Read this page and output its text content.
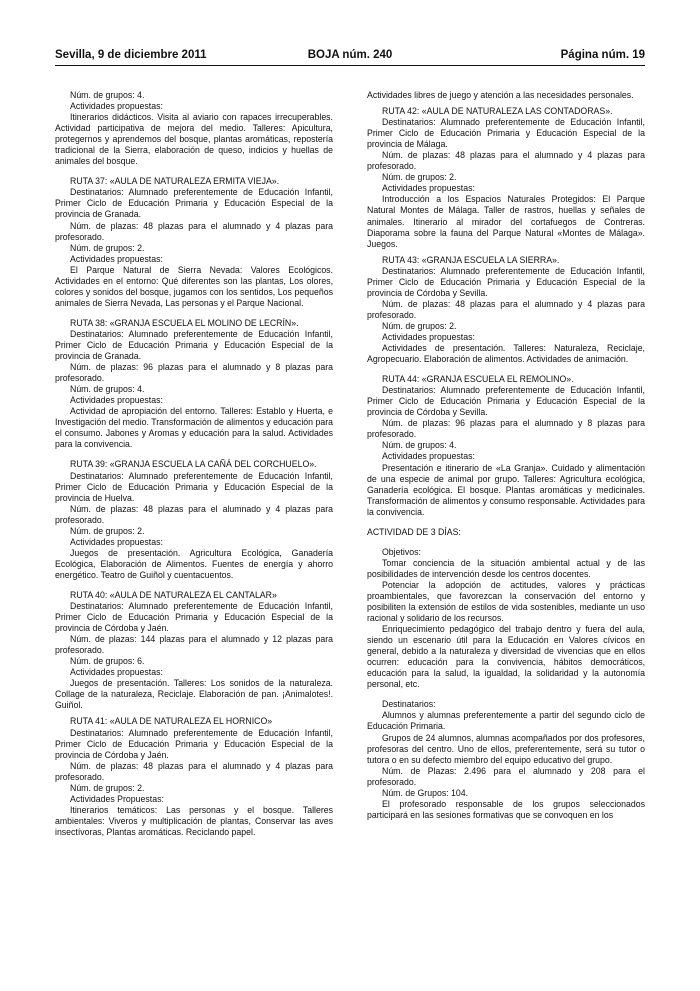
Sevilla, 9 de diciembre 2011	BOJA núm. 240	Página núm. 19

Núm. de grupos: 4.

Actividades propuestas:

Itinerarios didácticos. Visita al aviario con rapaces irrecuperables. Actividad participativa de mejora del medio. Talleres: Apicultura, protegernos y aprendemos del bosque, plantas aromáticas, repostería tradicional de la Sierra, elaboración de queso, indicios y huellas de animales del bosque.

RUTA 37: «AULA DE NATURALEZA ERMITA VIEJA».

Destinatarios: Alumnado preferentemente de Educación Infantil, Primer Ciclo de Educación Primaria y Educación Especial de la provincia de Granada.

Núm. de plazas: 48 plazas para el alumnado y 4 plazas para profesorado.

Núm. de grupos: 2.

Actividades propuestas:

El Parque Natural de Sierra Nevada: Valores Ecológicos. Actividades en el entorno: Qué diferentes son las plantas, Los olores, colores y sonidos del bosque, jugamos con los sentidos, Los pequeños animales de Sierra Nevada, Las personas y el Parque Nacional.

RUTA 38: «GRANJA ESCUELA EL MOLINO DE LECRÍN».

Destinatarios: Alumnado preferentemente de Educación Infantil, Primer Ciclo de Educación Primaria y Educación Especial de la provincia de Granada.

Núm. de plazas: 96 plazas para el alumnado y 8 plazas para profesorado.

Núm. de grupos: 4.

Actividades propuestas:

Actividad de apropiación del entorno. Talleres: Establo y Huerta, e Investigación del medio. Transformación de alimentos y educación para el consumo. Jabones y Aromas y educación para la salud. Actividades para la convivencia.

RUTA 39: «GRANJA ESCUELA LA CAÑÁ DEL CORCHUELO».

Destinatarios: Alumnado preferentemente de Educación Infantil, Primer Ciclo de Educación Primaria y Educación Especial de la provincia de Huelva.

Núm. de plazas: 48 plazas para el alumnado y 4 plazas para profesorado.

Núm. de grupos: 2.

Actividades propuestas:

Juegos de presentación. Agricultura Ecológica, Ganadería Ecológica, Elaboración de Alimentos. Fuentes de energía y ahorro energético. Teatro de Guiñol y cuentacuentos.

RUTA 40: «AULA DE NATURALEZA EL CANTALAR»

Destinatarios: Alumnado preferentemente de Educación Infantil, Primer Ciclo de Educación Primaria y Educación Especial de la provincia de Córdoba y Jaén.

Núm. de plazas: 144 plazas para el alumnado y 12 plazas para profesorado.

Núm. de grupos: 6.

Actividades propuestas:

Juegos de presentación. Talleres: Los sonidos de la naturaleza. Collage de la naturaleza, Reciclaje. Elaboración de pan. ¡Animalotes!. Guiñol.

RUTA 41: «AULA DE NATURALEZA EL HORNICO»

Destinatarios: Alumnado preferentemente de Educación Infantil, Primer Ciclo de Educación Primaria y Educación Especial de la provincia de Córdoba y Jaén.

Núm. de plazas: 48 plazas para el alumnado y 4 plazas para profesorado.

Núm. de grupos: 2.

Actividades Propuestas:

Itinerarios temáticos: Las personas y el bosque. Talleres ambientales: Viveros y multiplicación de plantas, Conservar las aves insectívoras, Plantas aromáticas. Reciclando papel.

Actividades libres de juego y atención a las necesidades personales.

RUTA 42: «AULA DE NATURALEZA LAS CONTADORAS».

Destinatarios: Alumnado preferentemente de Educación Infantil, Primer Ciclo de Educación Primaria y Educación Especial de la provincia de Málaga.

Núm. de plazas: 48 plazas para el alumnado y 4 plazas para profesorado.

Núm. de grupos: 2.

Actividades propuestas:

Introducción a los Espacios Naturales Protegidos: El Parque Natural Montes de Málaga. Taller de rastros, huellas y señales de animales. Itinerario al mirador del cortafuegos de Contreras. Diaporama sobre la fauna del Parque Natural «Montes de Málaga». Juegos.

RUTA 43: «GRANJA ESCUELA LA SIERRA».

Destinatarios: Alumnado preferentemente de Educación Infantil, Primer Ciclo de Educación Primaria y Educación Especial de la provincia de Córdoba y Sevilla.

Núm. de plazas: 48 plazas para el alumnado y 4 plazas para profesorado.

Núm. de grupos: 2.

Actividades propuestas:

Actividades de presentación. Talleres: Naturaleza, Reciclaje, Agropecuario. Elaboración de alimentos. Actividades de animación.

RUTA 44: «GRANJA ESCUELA EL REMOLINO».

Destinatarios: Alumnado preferentemente de Educación Infantil, Primer Ciclo de Educación Primaria y Educación Especial de la provincia de Córdoba y Sevilla.

Núm. de plazas: 96 plazas para el alumnado y 8 plazas para profesorado.

Núm. de grupos: 4.

Actividades propuestas:

Presentación e itinerario de «La Granja». Cuidado y alimentación de una especie de animal por grupo. Talleres: Agricultura ecológica, Ganadería ecológica. El bosque. Plantas aromáticas y medicinales. Transformación de alimentos y consumo responsable. Actividades para la convivencia.

ACTIVIDAD DE 3 DÍAS:

Objetivos:

Tomar conciencia de la situación ambiental actual y de las posibilidades de intervención desde los centros docentes.

Potenciar la adopción de actitudes, valores y prácticas proambientales, que favorezcan la conservación del entorno y posibiliten la extensión de estilos de vida sostenibles, mediante un uso racional y solidario de los recursos.

Enriquecimiento pedagógico del trabajo dentro y fuera del aula, siendo un escenario útil para la Educación en Valores cívicos en general, debido a la naturaleza y diversidad de vivencias que en ellos ocurren: educación para la convivencia, hábitos democráticos, educación para la salud, la igualdad, la solidaridad y la autonomía personal, etc.

Destinatarios:

Alumnos y alumnas preferentemente a partir del segundo ciclo de Educación Primaria.

Grupos de 24 alumnos, alumnas acompañados por dos profesores, profesoras del centro. Uno de ellos, preferentemente, será su tutor o tutora o en su defecto miembro del equipo educativo del grupo.

Núm. de Plazas: 2.496 para el alumnado y 208 para el profesorado.

Núm. de Grupos: 104.

El profesorado responsable de los grupos seleccionados participará en las sesiones formativas que se convoquen en los
